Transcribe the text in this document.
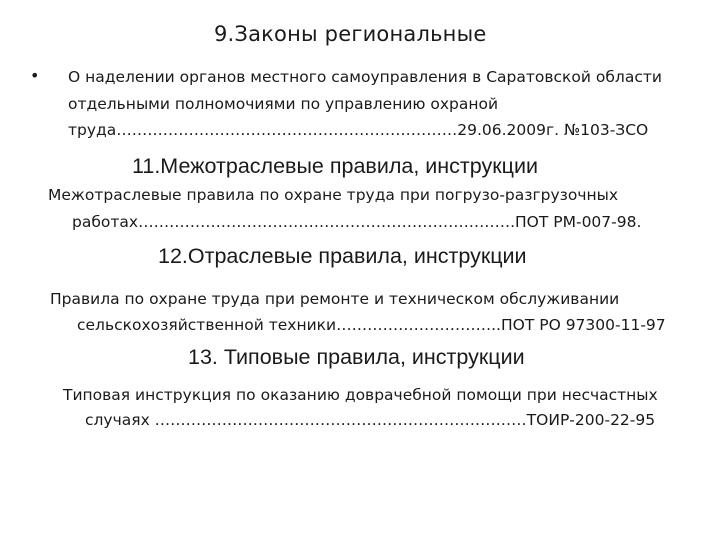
9.Законы региональные
• О наделении органов местного самоуправления в Саратовской области
отдельными полномочиями по управлению охраной
труда…………………………………………………………29.06.2009г. №103-ЗСО
11.Межотраслевые правила, инструкции
Межотраслевые правила по охране труда при погрузо-разгрузочных
работах……………………………………………………………….ПОТ РМ-007-98.
12.Отраслевые правила, инструкции
Правила по охране труда при ремонте и техническом обслуживании
сельскохозяйственной техники…………………………..ПОТ РО 97300-11-97
13. Типовые правила, инструкции
Типовая инструкция по оказанию доврачебной помощи при несчастных
случаях ………………………………………………………………ТОИР-200-22-95
